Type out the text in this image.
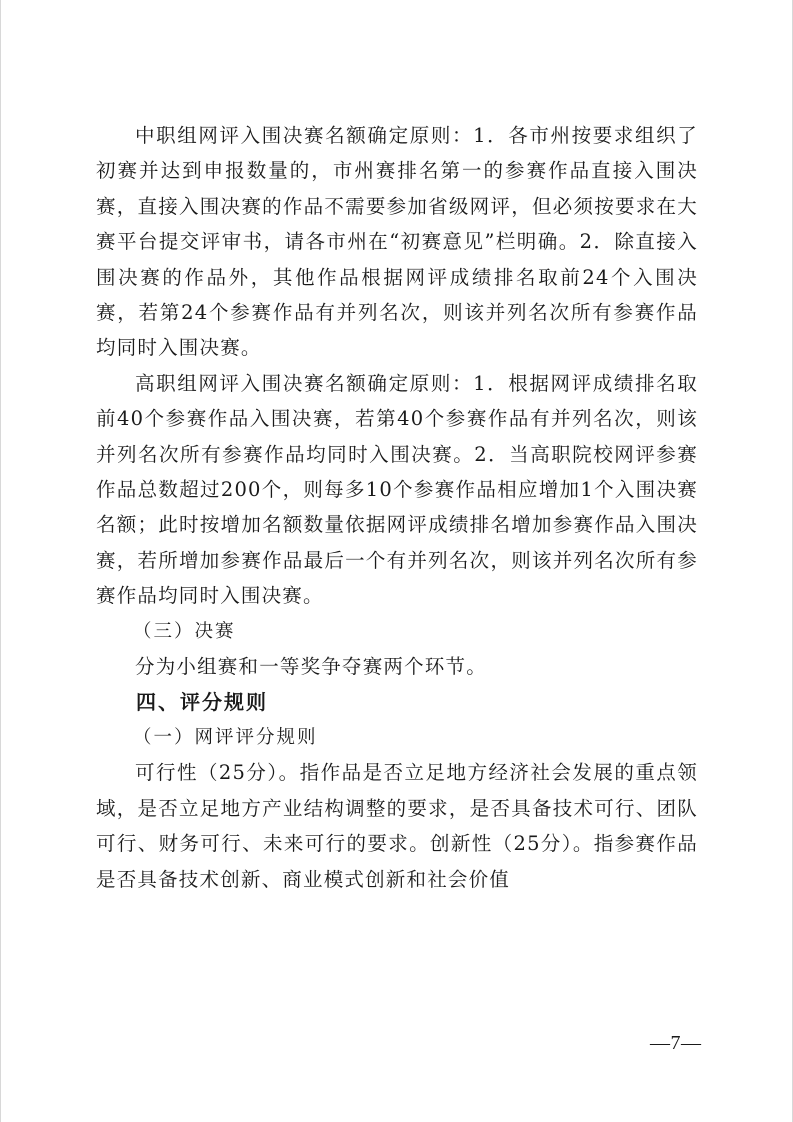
中职组网评入围决赛名额确定原则：1．各市州按要求组织了初赛并达到申报数量的，市州赛排名第一的参赛作品直接入围决赛，直接入围决赛的作品不需要参加省级网评，但必须按要求在大赛平台提交评审书，请各市州在“初赛意见”栏明确。2．除直接入围决赛的作品外，其他作品根据网评成绩排名取前24个入围决赛，若第24个参赛作品有并列名次，则该并列名次所有参赛作品均同时入围决赛。

高职组网评入围决赛名额确定原则：1．根据网评成绩排名取前40个参赛作品入围决赛，若第40个参赛作品有并列名次，则该并列名次所有参赛作品均同时入围决赛。2．当高职院校网评参赛作品总数超过200个，则每多10个参赛作品相应增加1个入围决赛名额；此时按增加名额数量依据网评成绩排名增加参赛作品入围决赛，若所增加参赛作品最后一个有并列名次，则该并列名次所有参赛作品均同时入围决赛。

（三）决赛

分为小组赛和一等奖争夺赛两个环节。

四、评分规则

（一）网评评分规则

可行性（25分）。指作品是否立足地方经济社会发展的重点领域，是否立足地方产业结构调整的要求，是否具备技术可行、团队可行、财务可行、未来可行的要求。创新性（25分）。指参赛作品是否具备技术创新、商业模式创新和社会价值

—7—
